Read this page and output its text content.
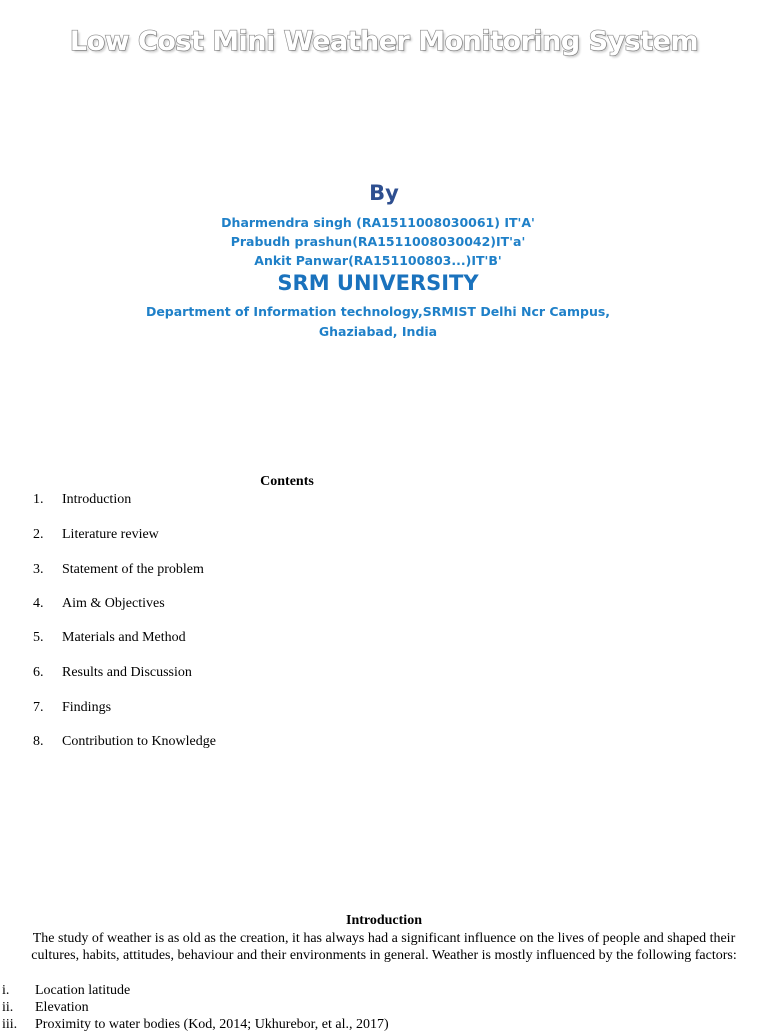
Low Cost Mini Weather Monitoring System
By
Dharmendra singh (RA1511008030061) IT'A'
Prabudh prashun(RA1511008030042)IT'a'
Ankit Panwar(RA151100803...)IT'B'
SRM UNIVERSITY
Department of Information technology,SRMIST Delhi Ncr Campus,
Ghaziabad, India
Contents
1. Introduction
2. Literature review
3. Statement of the problem
4. Aim & Objectives
5. Materials and Method
6. Results and Discussion
7. Findings
8. Contribution to Knowledge
Introduction
The study of weather is as old as the creation, it has always had a significant influence on the lives of people and shaped their cultures, habits, attitudes, behaviour and their environments in general. Weather is mostly influenced by the following factors:
i. Location latitude
ii. Elevation
iii. Proximity to water bodies (Kod, 2014; Ukhurebor, et al., 2017)
